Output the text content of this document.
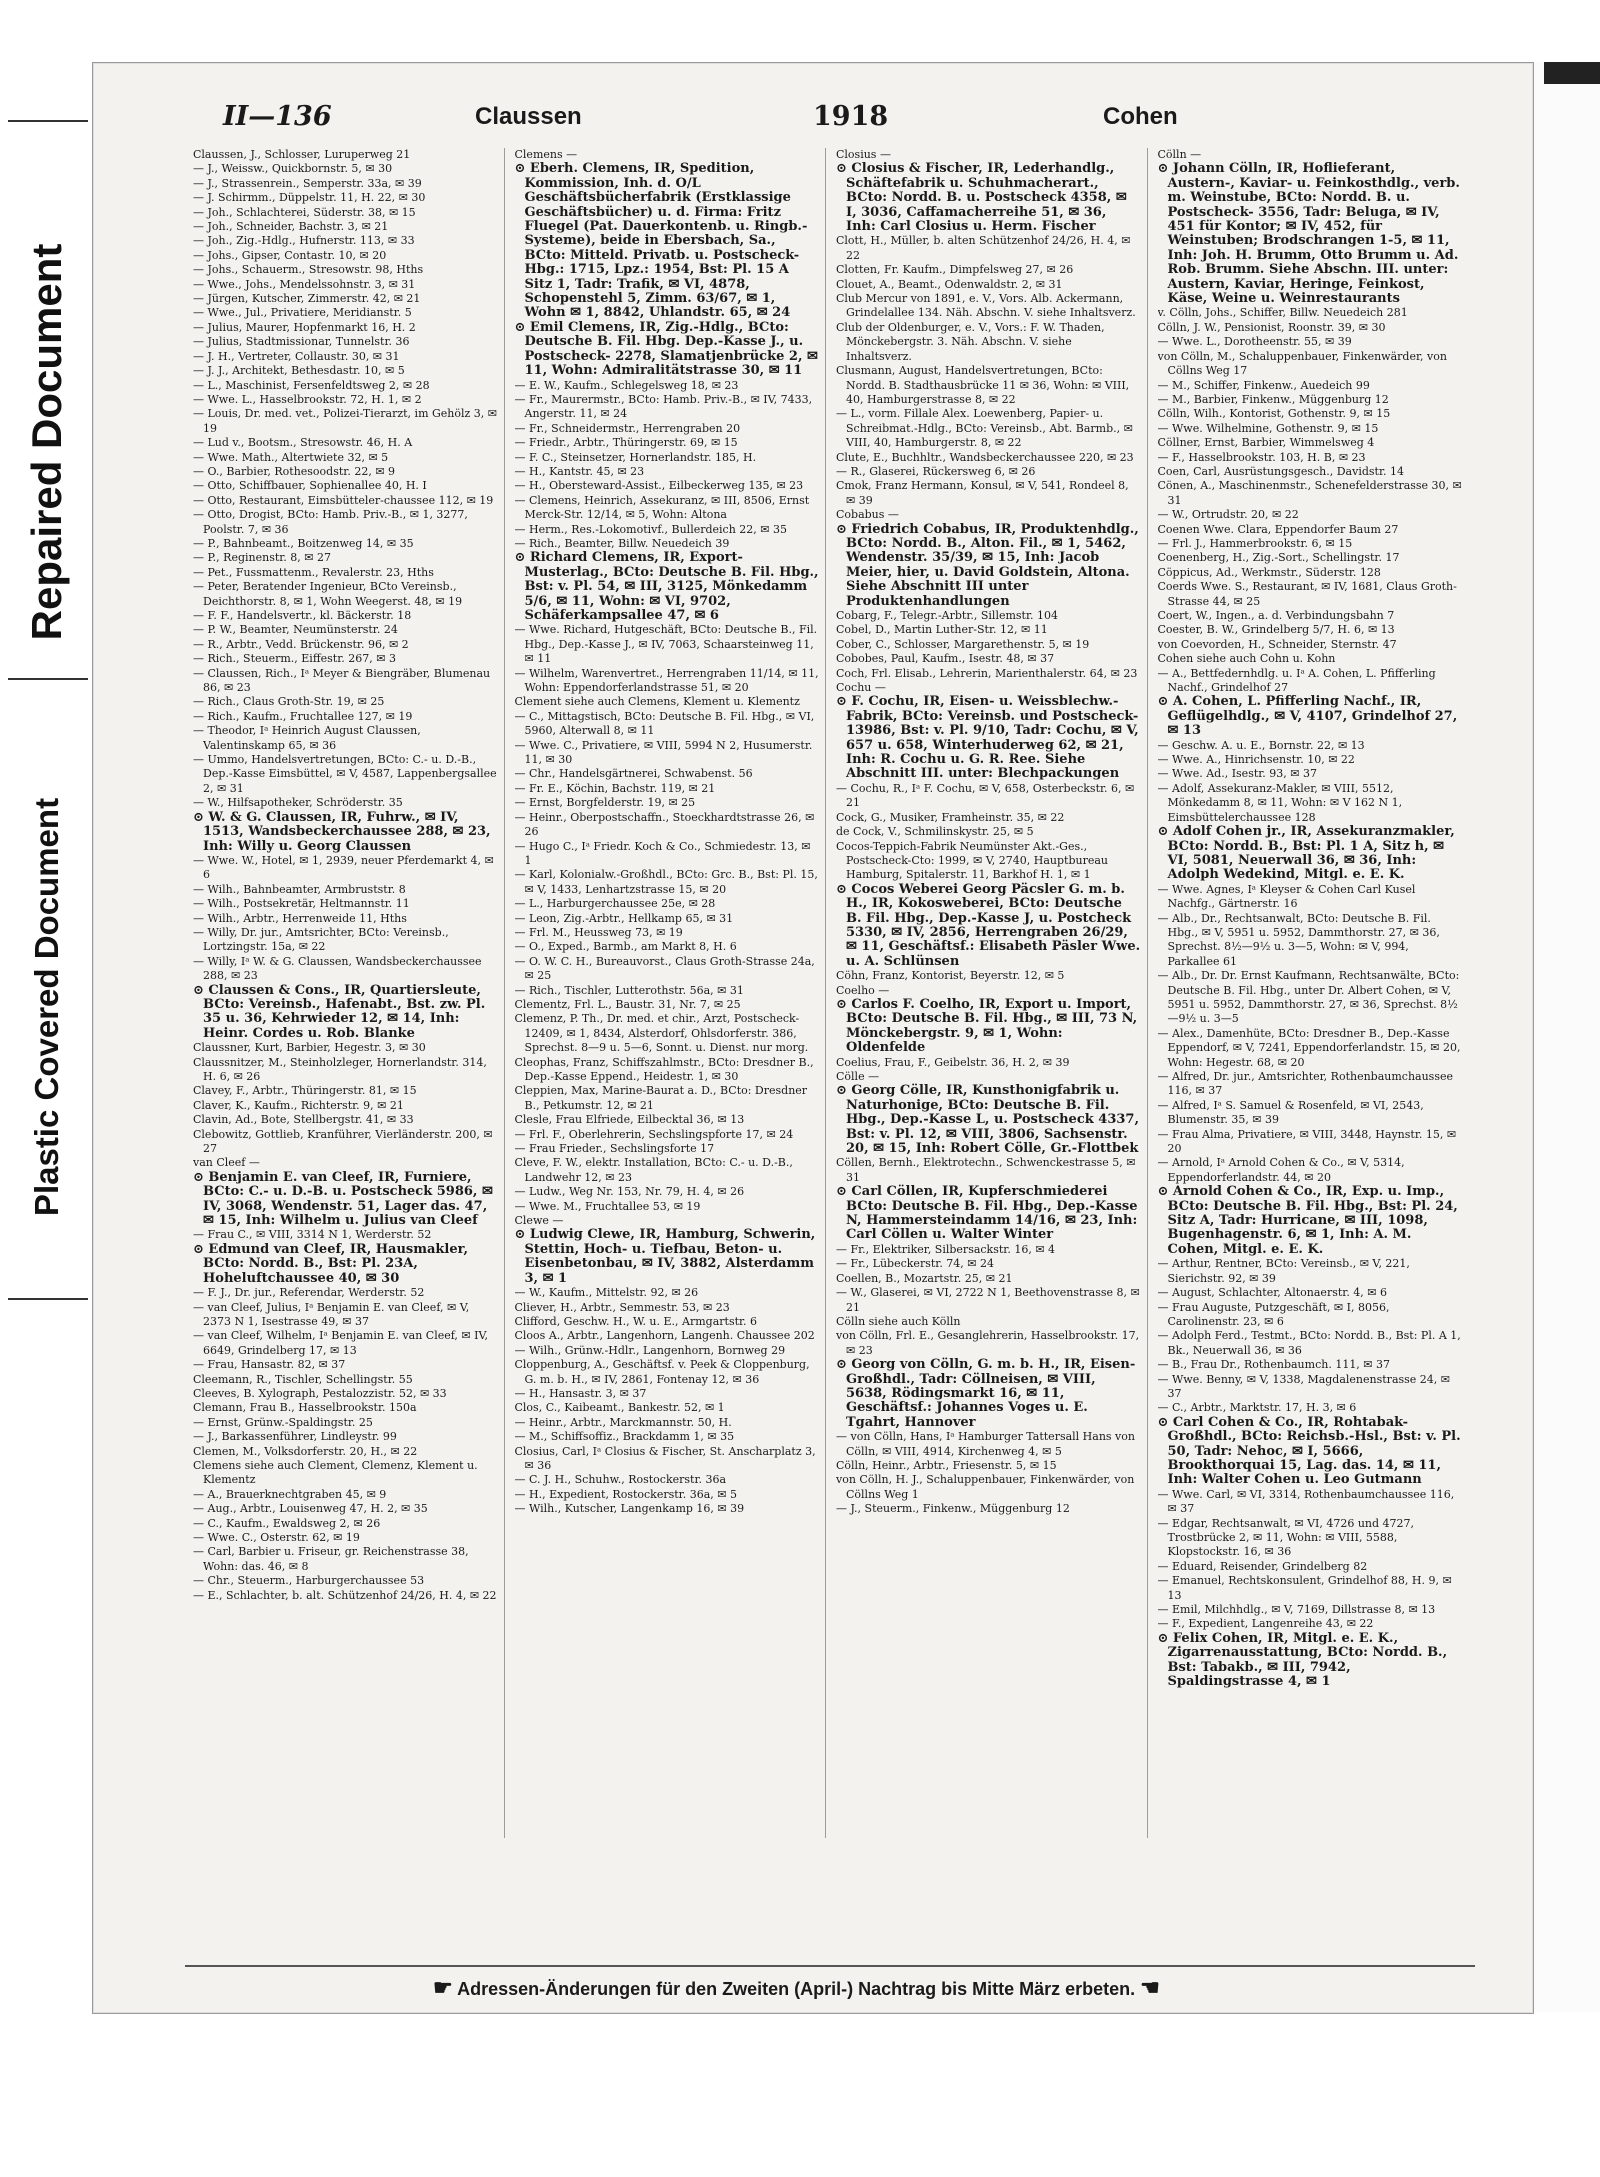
Repaired Document
Plastic Covered Document
II—136	Claussen	1918	Cohen

Claussen, J., Schlosser, Luruperweg 21

— J., Weissw., Quickbornstr. 5, ✉ 30

— J., Strassenrein., Semperstr. 33a, ✉ 39

— J. Schirmm., Düppelstr. 11, H. 22, ✉ 30

— Joh., Schlachterei, Süderstr. 38, ✉ 15

— Joh., Schneider, Bachstr. 3, ✉ 21

— Joh., Zig.-Hdlg., Hufnerstr. 113, ✉ 33

— Johs., Gipser, Contastr. 10, ✉ 20

— Johs., Schauerm., Stresowstr. 98, Hths

— Wwe., Johs., Mendelssohnstr. 3, ✉ 31

— Jürgen, Kutscher, Zimmerstr. 42, ✉ 21

— Wwe., Jul., Privatiere, Meridianstr. 5

— Julius, Maurer, Hopfenmarkt 16, H. 2

— Julius, Stadtmissionar, Tunnelstr. 36

— J. H., Vertreter, Collaustr. 30, ✉ 31

— J. J., Architekt, Bethesdastr. 10, ✉ 5

— L., Maschinist, Fersenfeldtsweg 2, ✉ 28

— Wwe. L., Hasselbrookstr. 72, H. 1, ✉ 2

— Louis, Dr. med. vet., Polizei-Tierarzt, im Gehölz 3, ✉ 19

— Lud v., Bootsm., Stresowstr. 46, H. A

— Wwe. Math., Altertwiete 32, ✉ 5

— O., Barbier, Rothesoodstr. 22, ✉ 9

— Otto, Schiffbauer, Sophienallee 40, H. I

— Otto, Restaurant, Eimsbütteler-chaussee 112, ✉ 19

— Otto, Drogist, BCto: Hamb. Priv.-B., ✉ 1, 3277, Poolstr. 7, ✉ 36

— P., Bahnbeamt., Boitzenweg 14, ✉ 35

— P., Reginenstr. 8, ✉ 27

— Pet., Fussmattenm., Revalerstr. 23, Hths

— Peter, Beratender Ingenieur, BCto Vereinsb., Deichthorstr. 8, ✉ 1, Wohn Weegerst. 48, ✉ 19

— F. F., Handelsvertr., kl. Bäckerstr. 18

— P. W., Beamter, Neumünsterstr. 24

— R., Arbtr., Vedd. Brückenstr. 96, ✉ 2

— Rich., Steuerm., Eiffestr. 267, ✉ 3

— Claussen, Rich., Iᵃ Meyer & Biengräber, Blumenau 86, ✉ 23

— Rich., Claus Groth-Str. 19, ✉ 25

— Rich., Kaufm., Fruchtallee 127, ✉ 19

— Theodor, Iᵃ Heinrich August Claussen, Valentinskamp 65, ✉ 36

— Ummo, Handelsvertretungen, BCto: C.- u. D.-B., Dep.-Kasse Eimsbüttel, ✉ V, 4587, Lappenbergsallee 2, ✉ 31

— W., Hilfsapotheker, Schröderstr. 35

⊙ W. & G. Claussen, IR, Fuhrw., ✉ IV, 1513, Wandsbeckerchaussee 288, ✉ 23, Inh: Willy u. Georg Claussen

— Wwe. W., Hotel, ✉ 1, 2939, neuer Pferdemarkt 4, ✉ 6

— Wilh., Bahnbeamter, Armbruststr. 8

— Wilh., Postsekretär, Heltmannstr. 11

— Wilh., Arbtr., Herrenweide 11, Hths

— Willy, Dr. jur., Amtsrichter, BCto: Vereinsb., Lortzingstr. 15a, ✉ 22

— Willy, Iᵃ W. & G. Claussen, Wandsbeckerchaussee 288, ✉ 23

⊙ Claussen & Cons., IR, Quartiersleute, BCto: Vereinsb., Hafenabt., Bst. zw. Pl. 35 u. 36, Kehrwieder 12, ✉ 14, Inh: Heinr. Cordes u. Rob. Blanke

Claussner, Kurt, Barbier, Hegestr. 3, ✉ 30

Claussnitzer, M., Steinholzleger, Hornerlandstr. 314, H. 6, ✉ 26

Clavey, F., Arbtr., Thüringerstr. 81, ✉ 15

Claver, K., Kaufm., Richterstr. 9, ✉ 21

Clavin, Ad., Bote, Stellbergstr. 41, ✉ 33

Clebowitz, Gottlieb, Kranführer, Vierländerstr. 200, ✉ 27

van Cleef —

⊙ Benjamin E. van Cleef, IR, Furniere, BCto: C.- u. D.-B. u. Postscheck 5986, ✉ IV, 3068, Wendenstr. 51, Lager das. 47, ✉ 15, Inh: Wilhelm u. Julius van Cleef

— Frau C., ✉ VIII, 3314 N 1, Werderstr. 52

⊙ Edmund van Cleef, IR, Hausmakler, BCto: Nordd. B., Bst: Pl. 23A, Hoheluftchaussee 40, ✉ 30

— F. J., Dr. jur., Referendar, Werderstr. 52

— van Cleef, Julius, Iᵃ Benjamin E. van Cleef, ✉ V, 2373 N 1, Isestrasse 49, ✉ 37

— van Cleef, Wilhelm, Iᵃ Benjamin E. van Cleef, ✉ IV, 6649, Grindelberg 17, ✉ 13

— Frau, Hansastr. 82, ✉ 37

Cleemann, R., Tischler, Schellingstr. 55

Cleeves, B. Xylograph, Pestalozzistr. 52, ✉ 33

Clemann, Frau B., Hasselbrookstr. 150a

— Ernst, Grünw.-Spaldingstr. 25

— J., Barkassenführer, Lindleystr. 99

Clemen, M., Volksdorferstr. 20, H., ✉ 22

Clemens siehe auch Clement, Clemenz, Klement u. Klementz

— A., Brauerknechtgraben 45, ✉ 9

— Aug., Arbtr., Louisenweg 47, H. 2, ✉ 35

— C., Kaufm., Ewaldsweg 2, ✉ 26

— Wwe. C., Osterstr. 62, ✉ 19

— Carl, Barbier u. Friseur, gr. Reichenstrasse 38, Wohn: das. 46, ✉ 8

— Chr., Steuerm., Harburgerchaussee 53

— E., Schlachter, b. alt. Schützenhof 24/26, H. 4, ✉ 22

Clemens —

⊙ Eberh. Clemens, IR, Spedition, Kommission, Inh. d. O/L Geschäftsbücherfabrik (Erstklassige Geschäftsbücher) u. d. Firma: Fritz Fluegel (Pat. Dauerkontenb. u. Ringb.-Systeme), beide in Ebersbach, Sa., BCto: Mitteld. Privatb. u. Postscheck-Hbg.: 1715, Lpz.: 1954, Bst: Pl. 15 A Sitz 1, Tadr: Trafik, ✉ VI, 4878, Schopenstehl 5, Zimm. 63/67, ✉ 1, Wohn ✉ 1, 8842, Uhlandstr. 65, ✉ 24

⊙ Emil Clemens, IR, Zig.-Hdlg., BCto: Deutsche B. Fil. Hbg. Dep.-Kasse J., u. Postscheck- 2278, Slamatjenbrücke 2, ✉ 11, Wohn: Admiralitätstrasse 30, ✉ 11

— E. W., Kaufm., Schlegelsweg 18, ✉ 23

— Fr., Maurermstr., BCto: Hamb. Priv.-B., ✉ IV, 7433, Angerstr. 11, ✉ 24

— Fr., Schneidermstr., Herrengraben 20

— Friedr., Arbtr., Thüringerstr. 69, ✉ 15

— F. C., Steinsetzer, Hornerlandstr. 185, H.

— H., Kantstr. 45, ✉ 23

— H., Obersteward-Assist., Eilbeckerweg 135, ✉ 23

— Clemens, Heinrich, Assekuranz, ✉ III, 8506, Ernst Merck-Str. 12/14, ✉ 5, Wohn: Altona

— Herm., Res.-Lokomotivf., Bullerdeich 22, ✉ 35

— Rich., Beamter, Billw. Neuedeich 39

⊙ Richard Clemens, IR, Export-Musterlag., BCto: Deutsche B. Fil. Hbg., Bst: v. Pl. 54, ✉ III, 3125, Mönkedamm 5/6, ✉ 11, Wohn: ✉ VI, 9702, Schäferkampsallee 47, ✉ 6

— Wwe. Richard, Hutgeschäft, BCto: Deutsche B., Fil. Hbg., Dep.-Kasse J., ✉ IV, 7063, Schaarsteinweg 11, ✉ 11

— Wilhelm, Warenvertret., Herrengraben 11/14, ✉ 11, Wohn: Eppendorferlandstrasse 51, ✉ 20

Clement siehe auch Clemens, Klement u. Klementz

— C., Mittagstisch, BCto: Deutsche B. Fil. Hbg., ✉ VI, 5960, Alterwall 8, ✉ 11

— Wwe. C., Privatiere, ✉ VIII, 5994 N 2, Husumerstr. 11, ✉ 30

— Chr., Handelsgärtnerei, Schwabenst. 56

— Fr. E., Köchin, Bachstr. 119, ✉ 21

— Ernst, Borgfelderstr. 19, ✉ 25

— Heinr., Oberpostschaffn., Stoeckhardtstrasse 26, ✉ 26

— Hugo C., Iᵃ Friedr. Koch & Co., Schmiedestr. 13, ✉ 1

— Karl, Kolonialw.-Großhdl., BCto: Grc. B., Bst: Pl. 15, ✉ V, 1433, Lenhartzstrasse 15, ✉ 20

— L., Harburgerchaussee 25e, ✉ 28

— Leon, Zig.-Arbtr., Hellkamp 65, ✉ 31

— Frl. M., Heussweg 73, ✉ 19

— O., Exped., Barmb., am Markt 8, H. 6

— O. W. C. H., Bureauvorst., Claus Groth-Strasse 24a, ✉ 25

— Rich., Tischler, Lutterothstr. 56a, ✉ 31

Clementz, Frl. L., Baustr. 31, Nr. 7, ✉ 25

Clemenz, P. Th., Dr. med. et chir., Arzt, Postscheck- 12409, ✉ 1, 8434, Alsterdorf, Ohlsdorferstr. 386, Sprechst. 8—9 u. 5—6, Sonnt. u. Dienst. nur morg.

Cleophas, Franz, Schiffszahlmstr., BCto: Dresdner B., Dep.-Kasse Eppend., Heidestr. 1, ✉ 30

Cleppien, Max, Marine-Baurat a. D., BCto: Dresdner B., Petkumstr. 12, ✉ 21

Clesle, Frau Elfriede, Eilbecktal 36, ✉ 13

— Frl. F., Oberlehrerin, Sechslingspforte 17, ✉ 24

— Frau Frieder., Sechslingsforte 17

Cleve, F. W., elektr. Installation, BCto: C.- u. D.-B., Landwehr 12, ✉ 23

— Ludw., Weg Nr. 153, Nr. 79, H. 4, ✉ 26

— Wwe. M., Fruchtallee 53, ✉ 19

Clewe —

⊙ Ludwig Clewe, IR, Hamburg, Schwerin, Stettin, Hoch- u. Tiefbau, Beton- u. Eisenbetonbau, ✉ IV, 3882, Alsterdamm 3, ✉ 1

— W., Kaufm., Mittelstr. 92, ✉ 26

Cliever, H., Arbtr., Semmestr. 53, ✉ 23

Clifford, Geschw. H., W. u. E., Armgartstr. 6

Cloos A., Arbtr., Langenhorn, Langenh. Chaussee 202

— Wilh., Grünw.-Hdlr., Langenhorn, Bornweg 29

Cloppenburg, A., Geschäftsf. v. Peek & Cloppenburg, G. m. b. H., ✉ IV, 2861, Fontenay 12, ✉ 36

— H., Hansastr. 3, ✉ 37

Clos, C., Kaibeamt., Bankestr. 52, ✉ 1

— Heinr., Arbtr., Marckmannstr. 50, H.

— M., Schiffsoffiz., Brackdamm 1, ✉ 35

Closius, Carl, Iᵃ Closius & Fischer, St. Anscharplatz 3, ✉ 36

— C. J. H., Schuhw., Rostockerstr. 36a

— H., Expedient, Rostockerstr. 36a, ✉ 5

— Wilh., Kutscher, Langenkamp 16, ✉ 39

Closius —

⊙ Closius & Fischer, IR, Lederhandlg., Schäftefabrik u. Schuhmacherart., BCto: Nordd. B. u. Postscheck 4358, ✉ I, 3036, Caffamacherreihe 51, ✉ 36, Inh: Carl Closius u. Herm. Fischer

Clott, H., Müller, b. alten Schützenhof 24/26, H. 4, ✉ 22

Clotten, Fr. Kaufm., Dimpfelsweg 27, ✉ 26

Clouet, A., Beamt., Odenwaldstr. 2, ✉ 31

Club Mercur von 1891, e. V., Vors. Alb. Ackermann, Grindelallee 134. Näh. Abschn. V. siehe Inhaltsverz.

Club der Oldenburger, e. V., Vors.: F. W. Thaden, Mönckebergstr. 3. Näh. Abschn. V. siehe Inhaltsverz.

Clusmann, August, Handelsvertretungen, BCto: Nordd. B. Stadthausbrücke 11 ✉ 36, Wohn: ✉ VIII, 40, Hamburgerstrasse 8, ✉ 22

— L., vorm. Fillale Alex. Loewenberg, Papier- u. Schreibmat.-Hdlg., BCto: Vereinsb., Abt. Barmb., ✉ VIII, 40, Hamburgerstr. 8, ✉ 22

Clute, E., Buchhltr., Wandsbeckerchaussee 220, ✉ 23

— R., Glaserei, Rückersweg 6, ✉ 26

Cmok, Franz Hermann, Konsul, ✉ V, 541, Rondeel 8, ✉ 39

Cobabus —

⊙ Friedrich Cobabus, IR, Produktenhdlg., BCto: Nordd. B., Alton. Fil., ✉ 1, 5462, Wendenstr. 35/39, ✉ 15, Inh: Jacob Meier, hier, u. David Goldstein, Altona. Siehe Abschnitt III unter Produktenhandlungen

Cobarg, F., Telegr.-Arbtr., Sillemstr. 104

Cobel, D., Martin Luther-Str. 12, ✉ 11

Cober, C., Schlosser, Margarethenstr. 5, ✉ 19

Cobobes, Paul, Kaufm., Isestr. 48, ✉ 37

Coch, Frl. Elisab., Lehrerin, Marienthalerstr. 64, ✉ 23

Cochu —

⊙ F. Cochu, IR, Eisen- u. Weissblechw.-Fabrik, BCto: Vereinsb. und Postscheck- 13986, Bst: v. Pl. 9/10, Tadr: Cochu, ✉ V, 657 u. 658, Winterhuderweg 62, ✉ 21, Inh: R. Cochu u. G. R. Ree. Siehe Abschnitt III. unter: Blechpackungen

— Cochu, R., Iᵃ F. Cochu, ✉ V, 658, Osterbeckstr. 6, ✉ 21

Cock, G., Musiker, Framheinstr. 35, ✉ 22

de Cock, V., Schmilinskystr. 25, ✉ 5

Cocos-Teppich-Fabrik Neumünster Akt.-Ges., Postscheck-Cto: 1999, ✉ V, 2740, Hauptbureau Hamburg, Spitalerstr. 11, Barkhof H. 1, ✉ 1

⊙ Cocos Weberei Georg Päcsler G. m. b. H., IR, Kokosweberei, BCto: Deutsche B. Fil. Hbg., Dep.-Kasse J, u. Postcheck 5330, ✉ IV, 2856, Herrengraben 26/29, ✉ 11, Geschäftsf.: Elisabeth Päsler Wwe. u. A. Schlünsen

Cöhn, Franz, Kontorist, Beyerstr. 12, ✉ 5

Coelho —

⊙ Carlos F. Coelho, IR, Export u. Import, BCto: Deutsche B. Fil. Hbg., ✉ III, 73 N, Mönckebergstr. 9, ✉ 1, Wohn: Oldenfelde

Coelius, Frau, F., Geibelstr. 36, H. 2, ✉ 39

Cölle —

⊙ Georg Cölle, IR, Kunsthonigfabrik u. Naturhonige, BCto: Deutsche B. Fil. Hbg., Dep.-Kasse L, u. Postscheck 4337, Bst: v. Pl. 12, ✉ VIII, 3806, Sachsenstr. 20, ✉ 15, Inh: Robert Cölle, Gr.-Flottbek

Cöllen, Bernh., Elektrotechn., Schwenckestrasse 5, ✉ 31

⊙ Carl Cöllen, IR, Kupferschmiederei BCto: Deutsche B. Fil. Hbg., Dep.-Kasse N, Hammersteindamm 14/16, ✉ 23, Inh: Carl Cöllen u. Walter Winter

— Fr., Elektriker, Silbersackstr. 16, ✉ 4

— Fr., Lübeckerstr. 74, ✉ 24

Coellen, B., Mozartstr. 25, ✉ 21

— W., Glaserei, ✉ VI, 2722 N 1, Beethovenstrasse 8, ✉ 21

Cölln siehe auch Kölln

von Cölln, Frl. E., Gesanglehrerin, Hasselbrookstr. 17, ✉ 23

⊙ Georg von Cölln, G. m. b. H., IR, Eisen-Großhdl., Tadr: Cöllneisen, ✉ VIII, 5638, Rödingsmarkt 16, ✉ 11, Geschäftsf.: Johannes Voges u. E. Tgahrt, Hannover

— von Cölln, Hans, Iᵃ Hamburger Tattersall Hans von Cölln, ✉ VIII, 4914, Kirchenweg 4, ✉ 5

Cölln, Heinr., Arbtr., Friesenstr. 5, ✉ 15

von Cölln, H. J., Schaluppenbauer, Finkenwärder, von Cöllns Weg 1

— J., Steuerm., Finkenw., Müggenburg 12

Cölln —

⊙ Johann Cölln, IR, Hoflieferant, Austern-, Kaviar- u. Feinkosthdlg., verb. m. Weinstube, BCto: Nordd. B. u. Postscheck- 3556, Tadr: Beluga, ✉ IV, 451 für Kontor; ✉ IV, 452, für Weinstuben; Brodschrangen 1-5, ✉ 11, Inh: Joh. H. Brumm, Otto Brumm u. Ad. Rob. Brumm. Siehe Abschn. III. unter: Austern, Kaviar, Heringe, Feinkost, Käse, Weine u. Weinrestaurants

v. Cölln, Johs., Schiffer, Billw. Neuedeich 281

Cölln, J. W., Pensionist, Roonstr. 39, ✉ 30

— Wwe. L., Dorotheenstr. 55, ✉ 39

von Cölln, M., Schaluppenbauer, Finkenwärder, von Cöllns Weg 17

— M., Schiffer, Finkenw., Auedeich 99

— M., Barbier, Finkenw., Müggenburg 12

Cölln, Wilh., Kontorist, Gothenstr. 9, ✉ 15

— Wwe. Wilhelmine, Gothenstr. 9, ✉ 15

Cöllner, Ernst, Barbier, Wimmelsweg 4

— F., Hasselbrookstr. 103, H. B, ✉ 23

Coen, Carl, Ausrüstungsgesch., Davidstr. 14

Cönen, A., Maschinenmstr., Schenefelderstrasse 30, ✉ 31

— W., Ortrudstr. 20, ✉ 22

Coenen Wwe. Clara, Eppendorfer Baum 27

— Frl. J., Hammerbrookstr. 6, ✉ 15

Coenenberg, H., Zig.-Sort., Schellingstr. 17

Cöppicus, Ad., Werkmstr., Süderstr. 128

Coerds Wwe. S., Restaurant, ✉ IV, 1681, Claus Groth-Strasse 44, ✉ 25

Coert, W., Ingen., a. d. Verbindungsbahn 7

Coester, B. W., Grindelberg 5/7, H. 6, ✉ 13

von Coevorden, H., Schneider, Sternstr. 47

Cohen siehe auch Cohn u. Kohn

— A., Bettfedernhdlg. u. Iᵃ A. Cohen, L. Pfifferling Nachf., Grindelhof 27

⊙ A. Cohen, L. Pfifferling Nachf., IR, Geflügelhdlg., ✉ V, 4107, Grindelhof 27, ✉ 13

— Geschw. A. u. E., Bornstr. 22, ✉ 13

— Wwe. A., Hinrichsenstr. 10, ✉ 22

— Wwe. Ad., Isestr. 93, ✉ 37

— Adolf, Assekuranz-Makler, ✉ VIII, 5512, Mönkedamm 8, ✉ 11, Wohn: ✉ V 162 N 1, Eimsbüttelerchaussee 128

⊙ Adolf Cohen jr., IR, Assekuranzmakler, BCto: Nordd. B., Bst: Pl. 1 A, Sitz h, ✉ VI, 5081, Neuerwall 36, ✉ 36, Inh: Adolph Wedekind, Mitgl. e. E. K.

— Wwe. Agnes, Iᵃ Kleyser & Cohen Carl Kusel Nachfg., Gärtnerstr. 16

— Alb., Dr., Rechtsanwalt, BCto: Deutsche B. Fil. Hbg., ✉ V, 5951 u. 5952, Dammthorstr. 27, ✉ 36, Sprechst. 8½—9½ u. 3—5, Wohn: ✉ V, 994, Parkallee 61

— Alb., Dr. Dr. Ernst Kaufmann, Rechtsanwälte, BCto: Deutsche B. Fil. Hbg., unter Dr. Albert Cohen, ✉ V, 5951 u. 5952, Dammthorstr. 27, ✉ 36, Sprechst. 8½—9½ u. 3—5

— Alex., Damenhüte, BCto: Dresdner B., Dep.-Kasse Eppendorf, ✉ V, 7241, Eppendorferlandstr. 15, ✉ 20, Wohn: Hegestr. 68, ✉ 20

— Alfred, Dr. jur., Amtsrichter, Rothenbaumchaussee 116, ✉ 37

— Alfred, Iᵃ S. Samuel & Rosenfeld, ✉ VI, 2543, Blumenstr. 35, ✉ 39

— Frau Alma, Privatiere, ✉ VIII, 3448, Haynstr. 15, ✉ 20

— Arnold, Iᵃ Arnold Cohen & Co., ✉ V, 5314, Eppendorferlandstr. 44, ✉ 20

⊙ Arnold Cohen & Co., IR, Exp. u. Imp., BCto: Deutsche B. Fil. Hbg., Bst: Pl. 24, Sitz A, Tadr: Hurricane, ✉ III, 1098, Bugenhagenstr. 6, ✉ 1, Inh: A. M. Cohen, Mitgl. e. E. K.

— Arthur, Rentner, BCto: Vereinsb., ✉ V, 221, Sierichstr. 92, ✉ 39

— August, Schlachter, Altonaerstr. 4, ✉ 6

— Frau Auguste, Putzgeschäft, ✉ I, 8056, Carolinenstr. 23, ✉ 6

— Adolph Ferd., Testmt., BCto: Nordd. B., Bst: Pl. A 1, Bk., Neuerwall 36, ✉ 36

— B., Frau Dr., Rothenbaumch. 111, ✉ 37

— Wwe. Benny, ✉ V, 1338, Magdalenenstrasse 24, ✉ 37

— C., Arbtr., Marktstr. 17, H. 3, ✉ 6

⊙ Carl Cohen & Co., IR, Rohtabak-Großhdl., BCto: Reichsb.-Hsl., Bst: v. Pl. 50, Tadr: Nehoc, ✉ I, 5666, Brookthorquai 15, Lag. das. 14, ✉ 11, Inh: Walter Cohen u. Leo Gutmann

— Wwe. Carl, ✉ VI, 3314, Rothenbaumchaussee 116, ✉ 37

— Edgar, Rechtsanwalt, ✉ VI, 4726 und 4727, Trostbrücke 2, ✉ 11, Wohn: ✉ VIII, 5588, Klopstockstr. 16, ✉ 36

— Eduard, Reisender, Grindelberg 82

— Emanuel, Rechtskonsulent, Grindelhof 88, H. 9, ✉ 13

— Emil, Milchhdlg., ✉ V, 7169, Dillstrasse 8, ✉ 13

— F., Expedient, Langenreihe 43, ✉ 22

⊙ Felix Cohen, IR, Mitgl. e. E. K., Zigarrenausstattung, BCto: Nordd. B., Bst: Tabakb., ✉ III, 7942, Spaldingstrasse 4, ✉ 1

☛ Adressen-Änderungen für den Zweiten (April-) Nachtrag bis Mitte März erbeten. ☚
